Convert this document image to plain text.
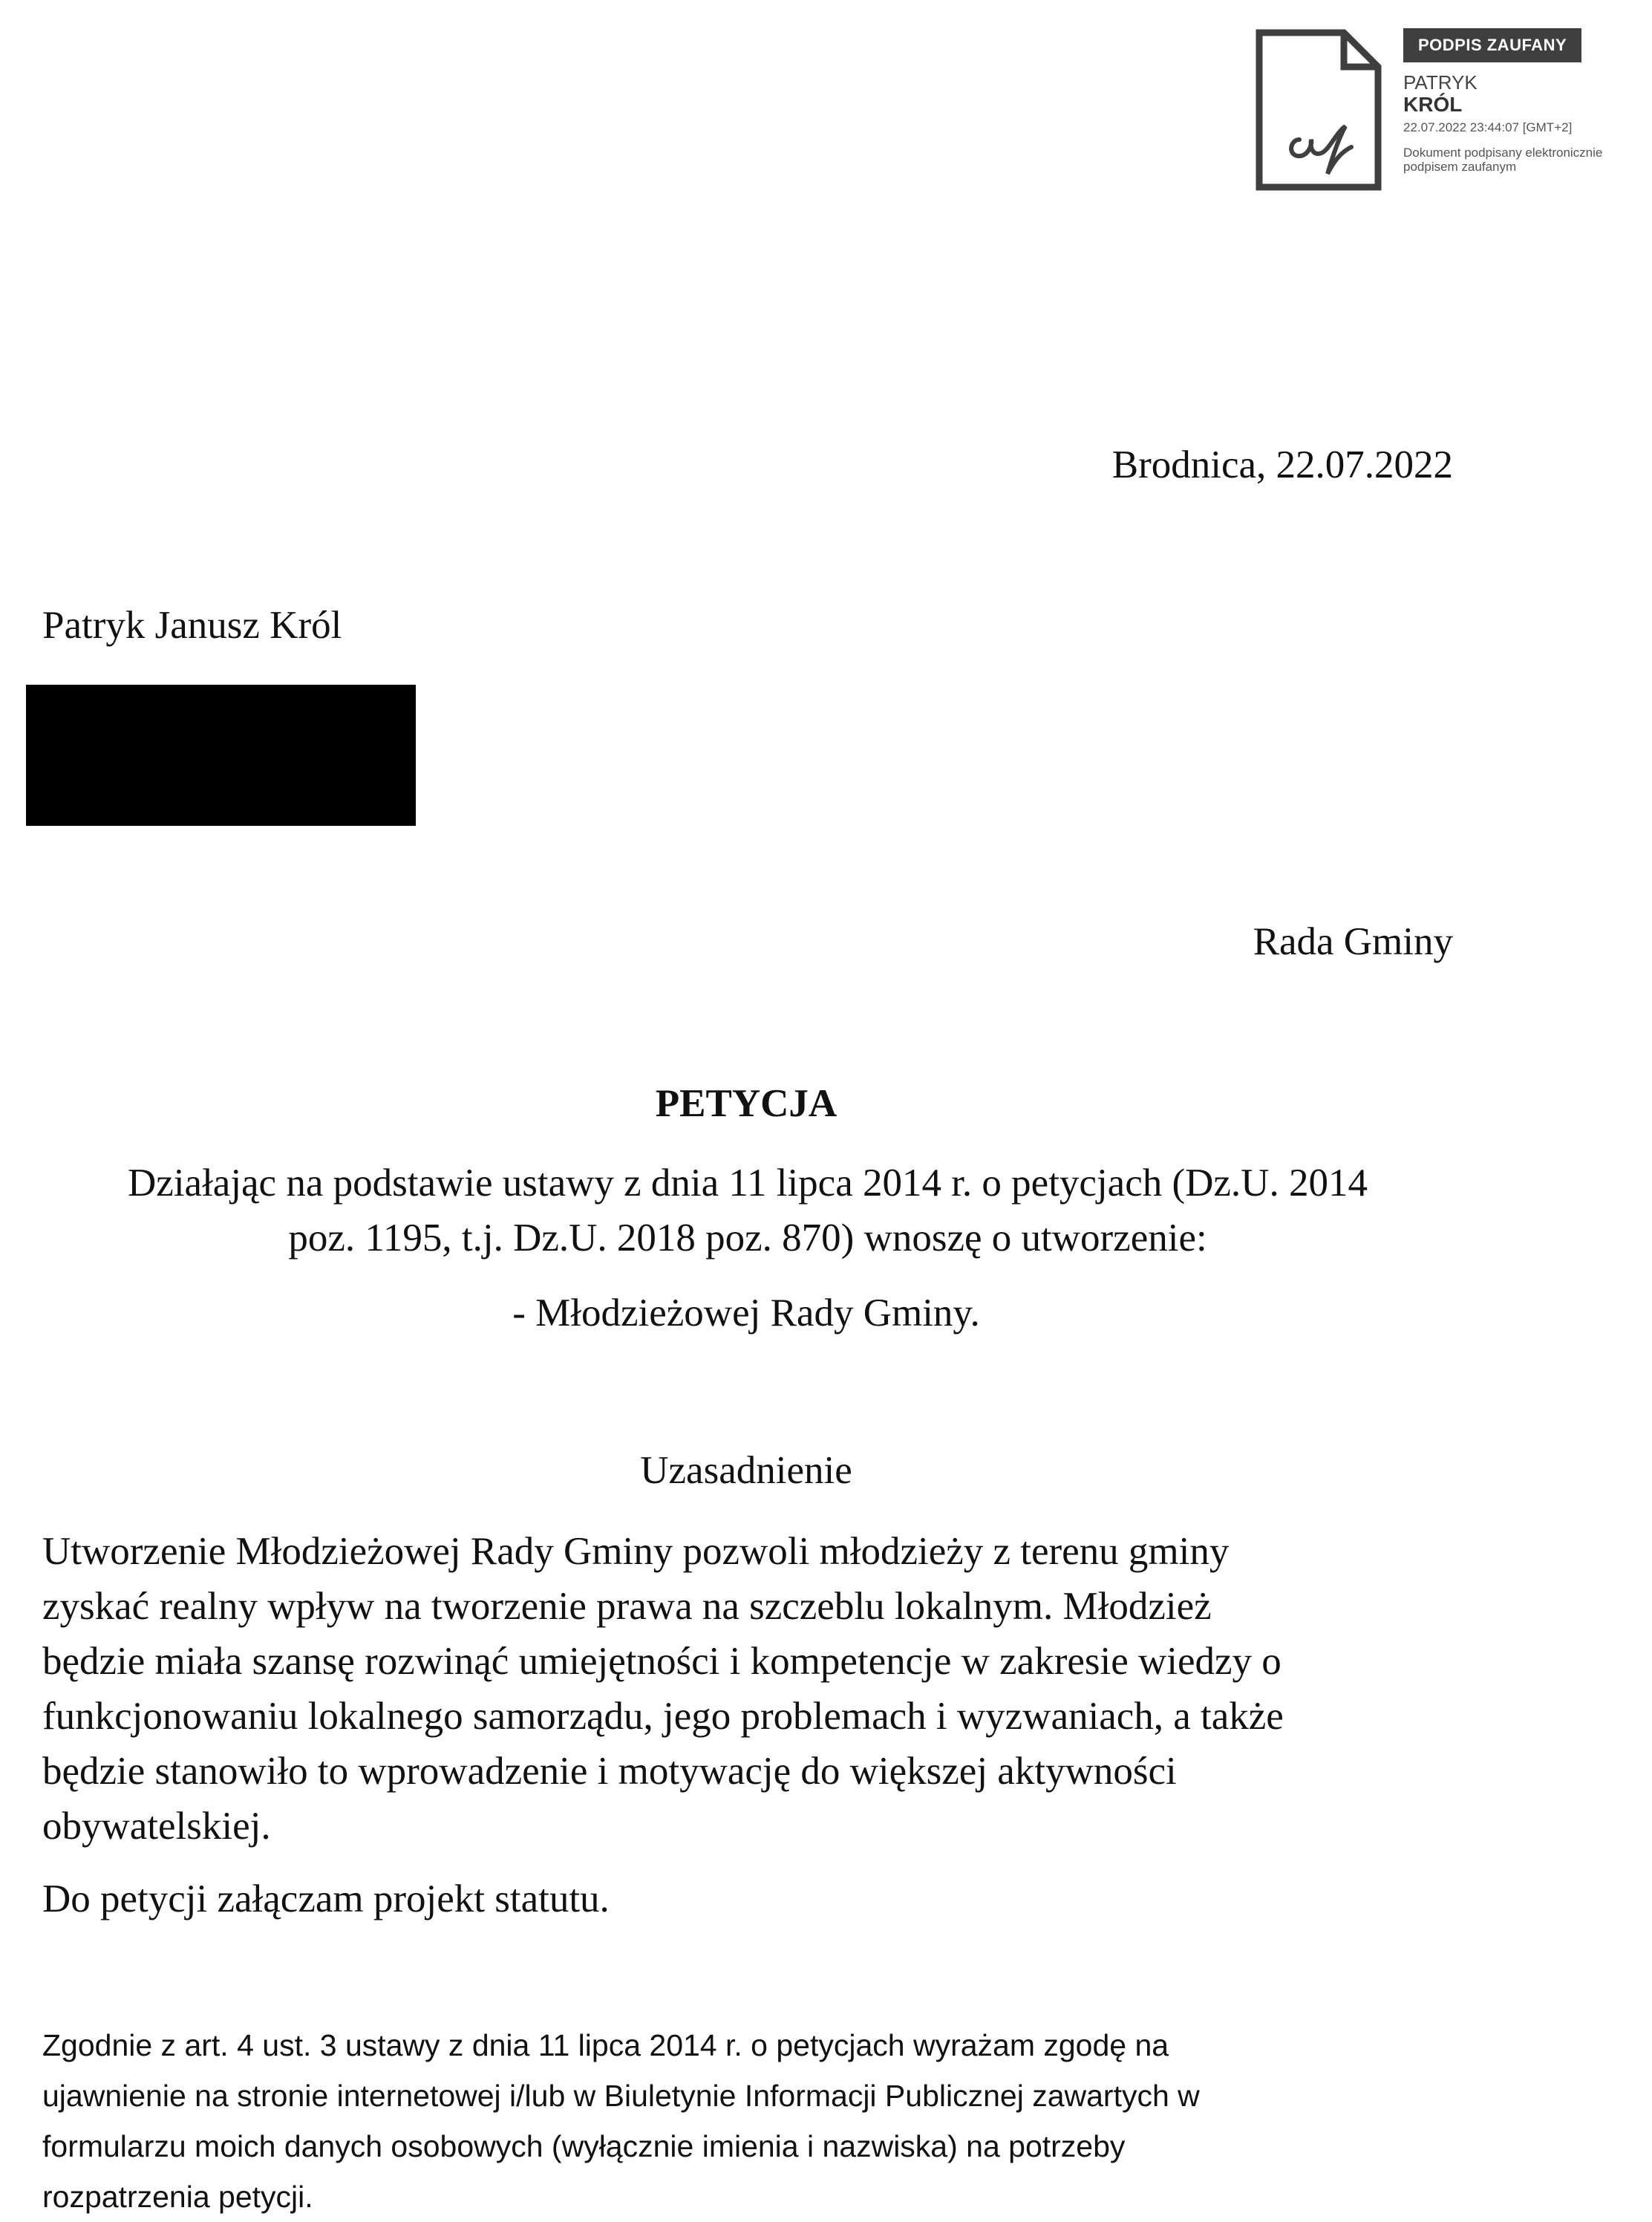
PODPIS ZAUFANY
PATRYK
KRÓL
22.07.2022 23:44:07 [GMT+2]
Dokument podpisany elektronicznie
podpisem zaufanym
Brodnica, 22.07.2022
Patryk Janusz Król
Rada Gminy
PETYCJA
Działając na podstawie ustawy z dnia 11 lipca 2014 r. o petycjach (Dz.U. 2014
poz. 1195, t.j. Dz.U. 2018 poz. 870) wnoszę o utworzenie:
- Młodzieżowej Rady Gminy.
Uzasadnienie
Utworzenie Młodzieżowej Rady Gminy pozwoli młodzieży z terenu gminy
zyskać realny wpływ na tworzenie prawa na szczeblu lokalnym. Młodzież
będzie miała szansę rozwinąć umiejętności i kompetencje w zakresie wiedzy o
funkcjonowaniu lokalnego samorządu, jego problemach i wyzwaniach, a także
będzie stanowiło to wprowadzenie i motywację do większej aktywności
obywatelskiej.
Do petycji załączam projekt statutu.
Zgodnie z art. 4 ust. 3 ustawy z dnia 11 lipca 2014 r. o petycjach wyrażam zgodę na
ujawnienie na stronie internetowej i/lub w Biuletynie Informacji Publicznej zawartych w
formularzu moich danych osobowych (wyłącznie imienia i nazwiska) na potrzeby
rozpatrzenia petycji.
